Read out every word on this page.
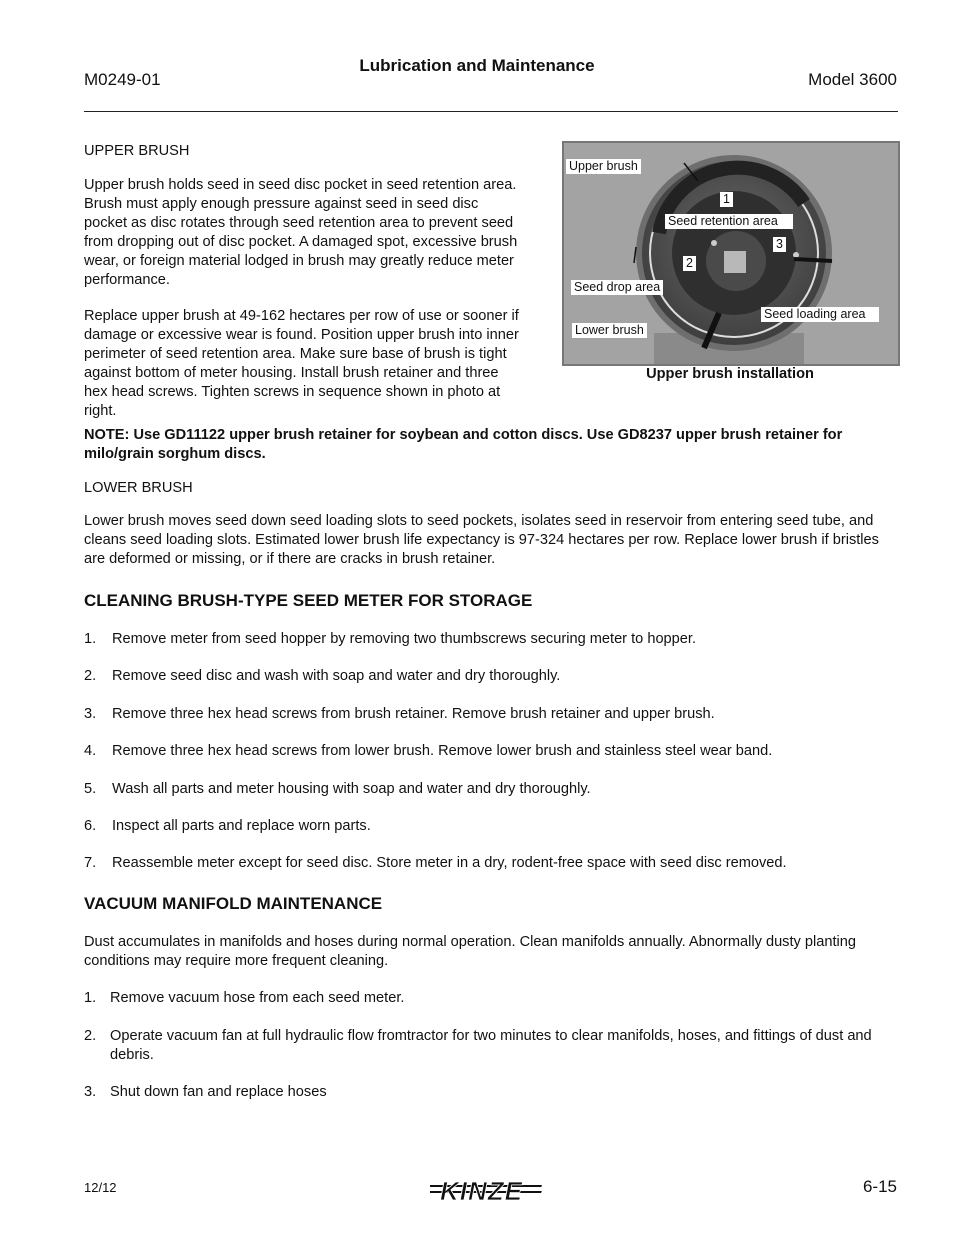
Lubrication and Maintenance
M0249-01	Model 3600
UPPER BRUSH
Upper brush holds seed in seed disc pocket in seed retention area. Brush must apply enough pressure against seed in seed disc pocket as disc rotates through seed retention area to prevent seed from dropping out of disc pocket. A damaged spot, excessive brush wear, or foreign material lodged in brush may greatly reduce meter performance.
Replace upper brush at 49-162 hectares per row of use or sooner if damage or excessive wear is found. Position upper brush into inner perimeter of seed retention area. Make sure base of brush is tight against bottom of meter housing. Install brush retainer and three hex head screws. Tighten screws in sequence shown in photo at right.
Upper brush
1
Seed retention area
3
2
Seed drop area
Seed loading area
Lower brush
Upper brush installation
NOTE: Use GD11122 upper brush retainer for soybean and cotton discs. Use GD8237 upper brush retainer for milo/grain sorghum discs.
LOWER BRUSH
Lower brush moves seed down seed loading slots to seed pockets, isolates seed in reservoir from entering seed tube, and cleans seed loading slots. Estimated lower brush life expectancy is 97-324 hectares per row. Replace lower brush if bristles are deformed or missing, or if there are cracks in brush retainer.
CLEANING BRUSH-TYPE SEED METER FOR STORAGE
1. Remove meter from seed hopper by removing two thumbscrews securing meter to hopper.
2. Remove seed disc and wash with soap and water and dry thoroughly.
3. Remove three hex head screws from brush retainer. Remove brush retainer and upper brush.
4. Remove three hex head screws from lower brush. Remove lower brush and stainless steel wear band.
5. Wash all parts and meter housing with soap and water and dry thoroughly.
6. Inspect all parts and replace worn parts.
7. Reassemble meter except for seed disc. Store meter in a dry, rodent-free space with seed disc removed.
VACUUM MANIFOLD MAINTENANCE
Dust accumulates in manifolds and hoses during normal operation. Clean manifolds annually. Abnormally dusty planting conditions may require more frequent cleaning.
1. Remove vacuum hose from each seed meter.
2. Operate vacuum fan at full hydraulic flow fromtractor for two minutes to clear manifolds, hoses, and fittings of dust and debris.
3. Shut down fan and replace hoses
12/12	KINZE	6-15
